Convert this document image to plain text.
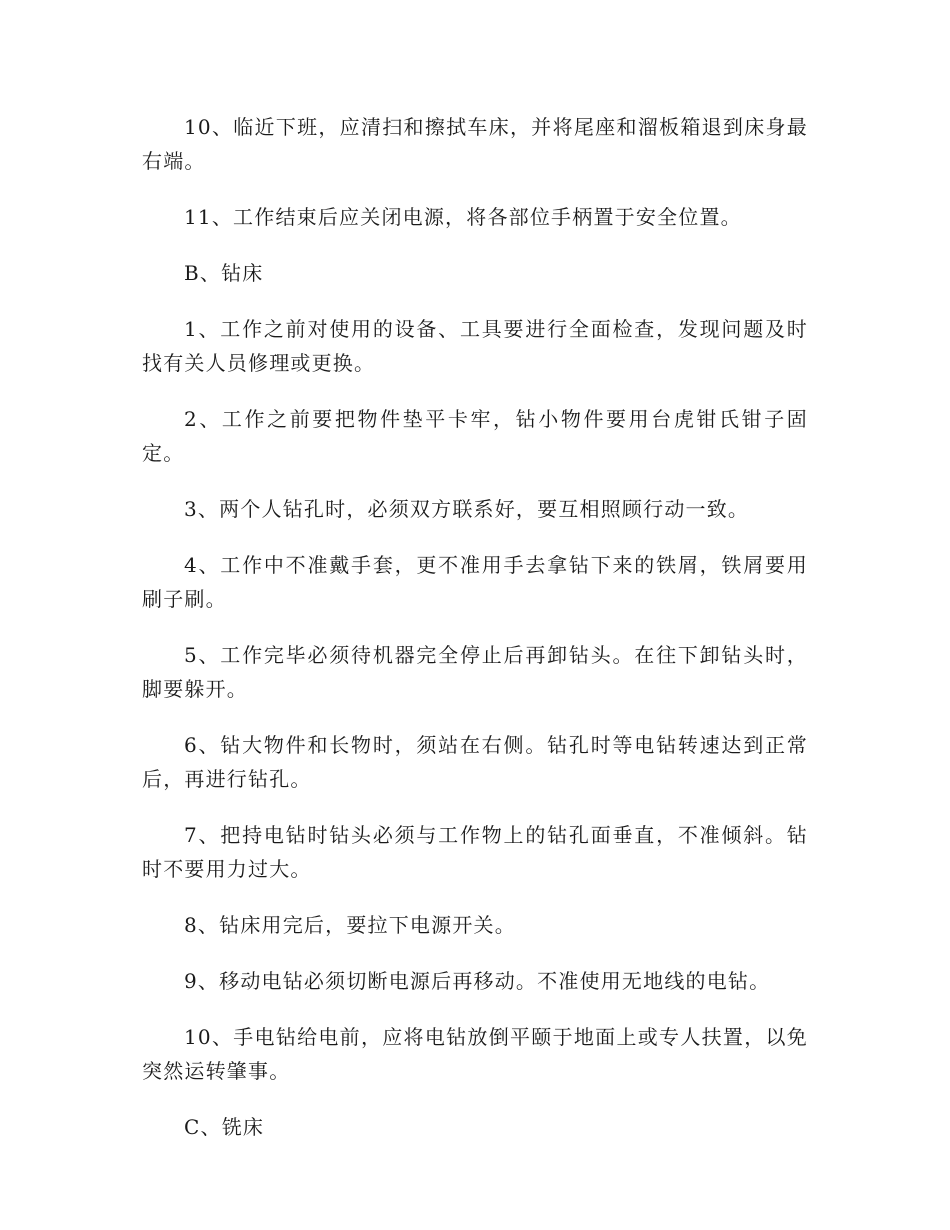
10、临近下班，应清扫和擦拭车床，并将尾座和溜板箱退到床身最右端。

11、工作结束后应关闭电源，将各部位手柄置于安全位置。

B、钻床

1、工作之前对使用的设备、工具要进行全面检查，发现问题及时找有关人员修理或更换。

2、工作之前要把物件垫平卡牢，钻小物件要用台虎钳氏钳子固定。

3、两个人钻孔时，必须双方联系好，要互相照顾行动一致。

4、工作中不准戴手套，更不准用手去拿钻下来的铁屑，铁屑要用刷子刷。

5、工作完毕必须待机器完全停止后再卸钻头。在往下卸钻头时，脚要躲开。

6、钻大物件和长物时，须站在右侧。钻孔时等电钻转速达到正常后，再进行钻孔。

7、把持电钻时钻头必须与工作物上的钻孔面垂直，不准倾斜。钻时不要用力过大。

8、钻床用完后，要拉下电源开关。

9、移动电钻必须切断电源后再移动。不准使用无地线的电钻。

10、手电钻给电前，应将电钻放倒平颐于地面上或专人扶置，以免突然运转肇事。

C、铣床
